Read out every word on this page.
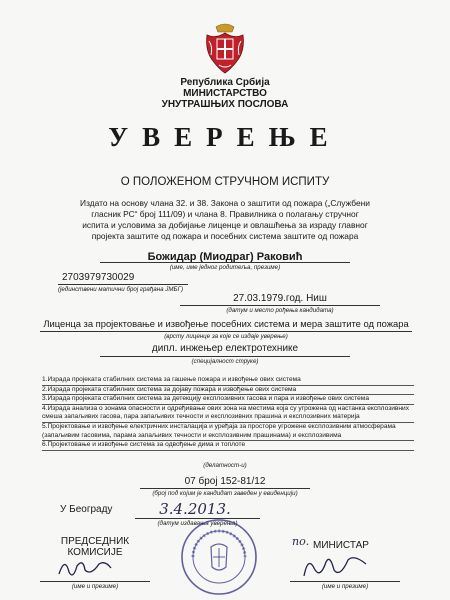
Република Србија
МИНИСТАРСТВО
УНУТРАШЊИХ ПОСЛОВА
УВЕРЕЊЕ
О ПОЛОЖЕНОМ СТРУЧНОМ ИСПИТУ
Издато на основу члана 32. и 38. Закона о заштити од пожара („Службени гласник РС“ број 111/09) и члана 8. Правилника о полагању стручног испита и условима за добијање лиценце и овлашћења за израду главног пројекта заштите од пожара и посебних система заштите од пожара
Божидар (Миодраг) Раковић
(име, име једног родитеља, презиме)
2703979730029
(јединствени матични број грађана ЈМБГ)
27.03.1979.год. Ниш
(датум и место рођења кандидата)
Лиценца за пројектовање и извођење посебних система и мера заштите од пожара
(врсту лиценце за које се издаје уверење)
дипл. инжењер електротехнике
(специјалност струке)
1.Израда пројеката стабилних система за гашење пожара и извођење ових система
2.Израда пројеката стабилних система за дојаву пожара и извођење ових система
3.Израда пројеката стабилних система за детекцију експлозивних гасова и пара и извођење ових система
4.Израда анализа о зонама опасности и одређивање ових зона на местима која су угрожена од настанка експлозивних смеша запаљивих гасова, пара запаљивих течности и експлозивних прашина и експлозивних материја
5.Пројектовање и извођење електричних инсталација и уређаја за просторе угрожене експлозивним атмосферама (запаљивим гасовима, парама запаљивих течности и експлозивним прашинама) и експлозивима
6.Пројектовање и извођење система за одвођење дима и топлоте
(делатност-и)
07 број 152-81/12
(број под којим је кандидат заведен у евиденцији)
У Београду	3.4.2013.
(датум издавања уверења)
ПРЕДСЕДНИК
КОМИСИЈЕ
(име и презиме)
по. МИНИСТАР
(име и презиме)
